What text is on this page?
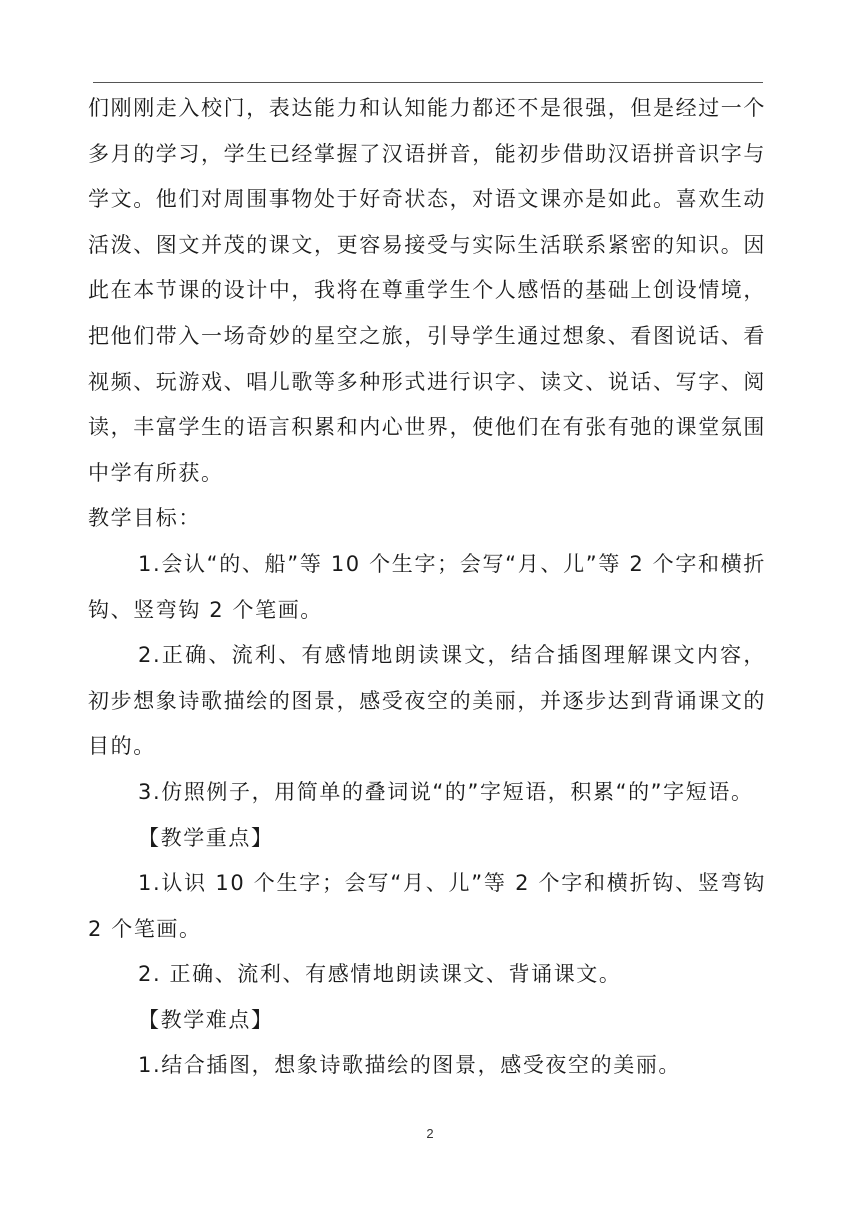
们刚刚走入校门，表达能力和认知能力都还不是很强，但是经过一个多月的学习，学生已经掌握了汉语拼音，能初步借助汉语拼音识字与学文。他们对周围事物处于好奇状态，对语文课亦是如此。喜欢生动活泼、图文并茂的课文，更容易接受与实际生活联系紧密的知识。因此在本节课的设计中，我将在尊重学生个人感悟的基础上创设情境，把他们带入一场奇妙的星空之旅，引导学生通过想象、看图说话、看视频、玩游戏、唱儿歌等多种形式进行识字、读文、说话、写字、阅读，丰富学生的语言积累和内心世界，使他们在有张有弛的课堂氛围中学有所获。

教学目标：

1.会认“的、船”等 10 个生字；会写“月、儿”等 2 个字和横折钩、竖弯钩 2 个笔画。

2.正确、流利、有感情地朗读课文，结合插图理解课文内容，初步想象诗歌描绘的图景，感受夜空的美丽，并逐步达到背诵课文的目的。

3.仿照例子，用简单的叠词说“的”字短语，积累“的”字短语。

【教学重点】

1.认识 10 个生字；会写“月、儿”等 2 个字和横折钩、竖弯钩 2 个笔画。

2. 正确、流利、有感情地朗读课文、背诵课文。

【教学难点】

1.结合插图，想象诗歌描绘的图景，感受夜空的美丽。

2
